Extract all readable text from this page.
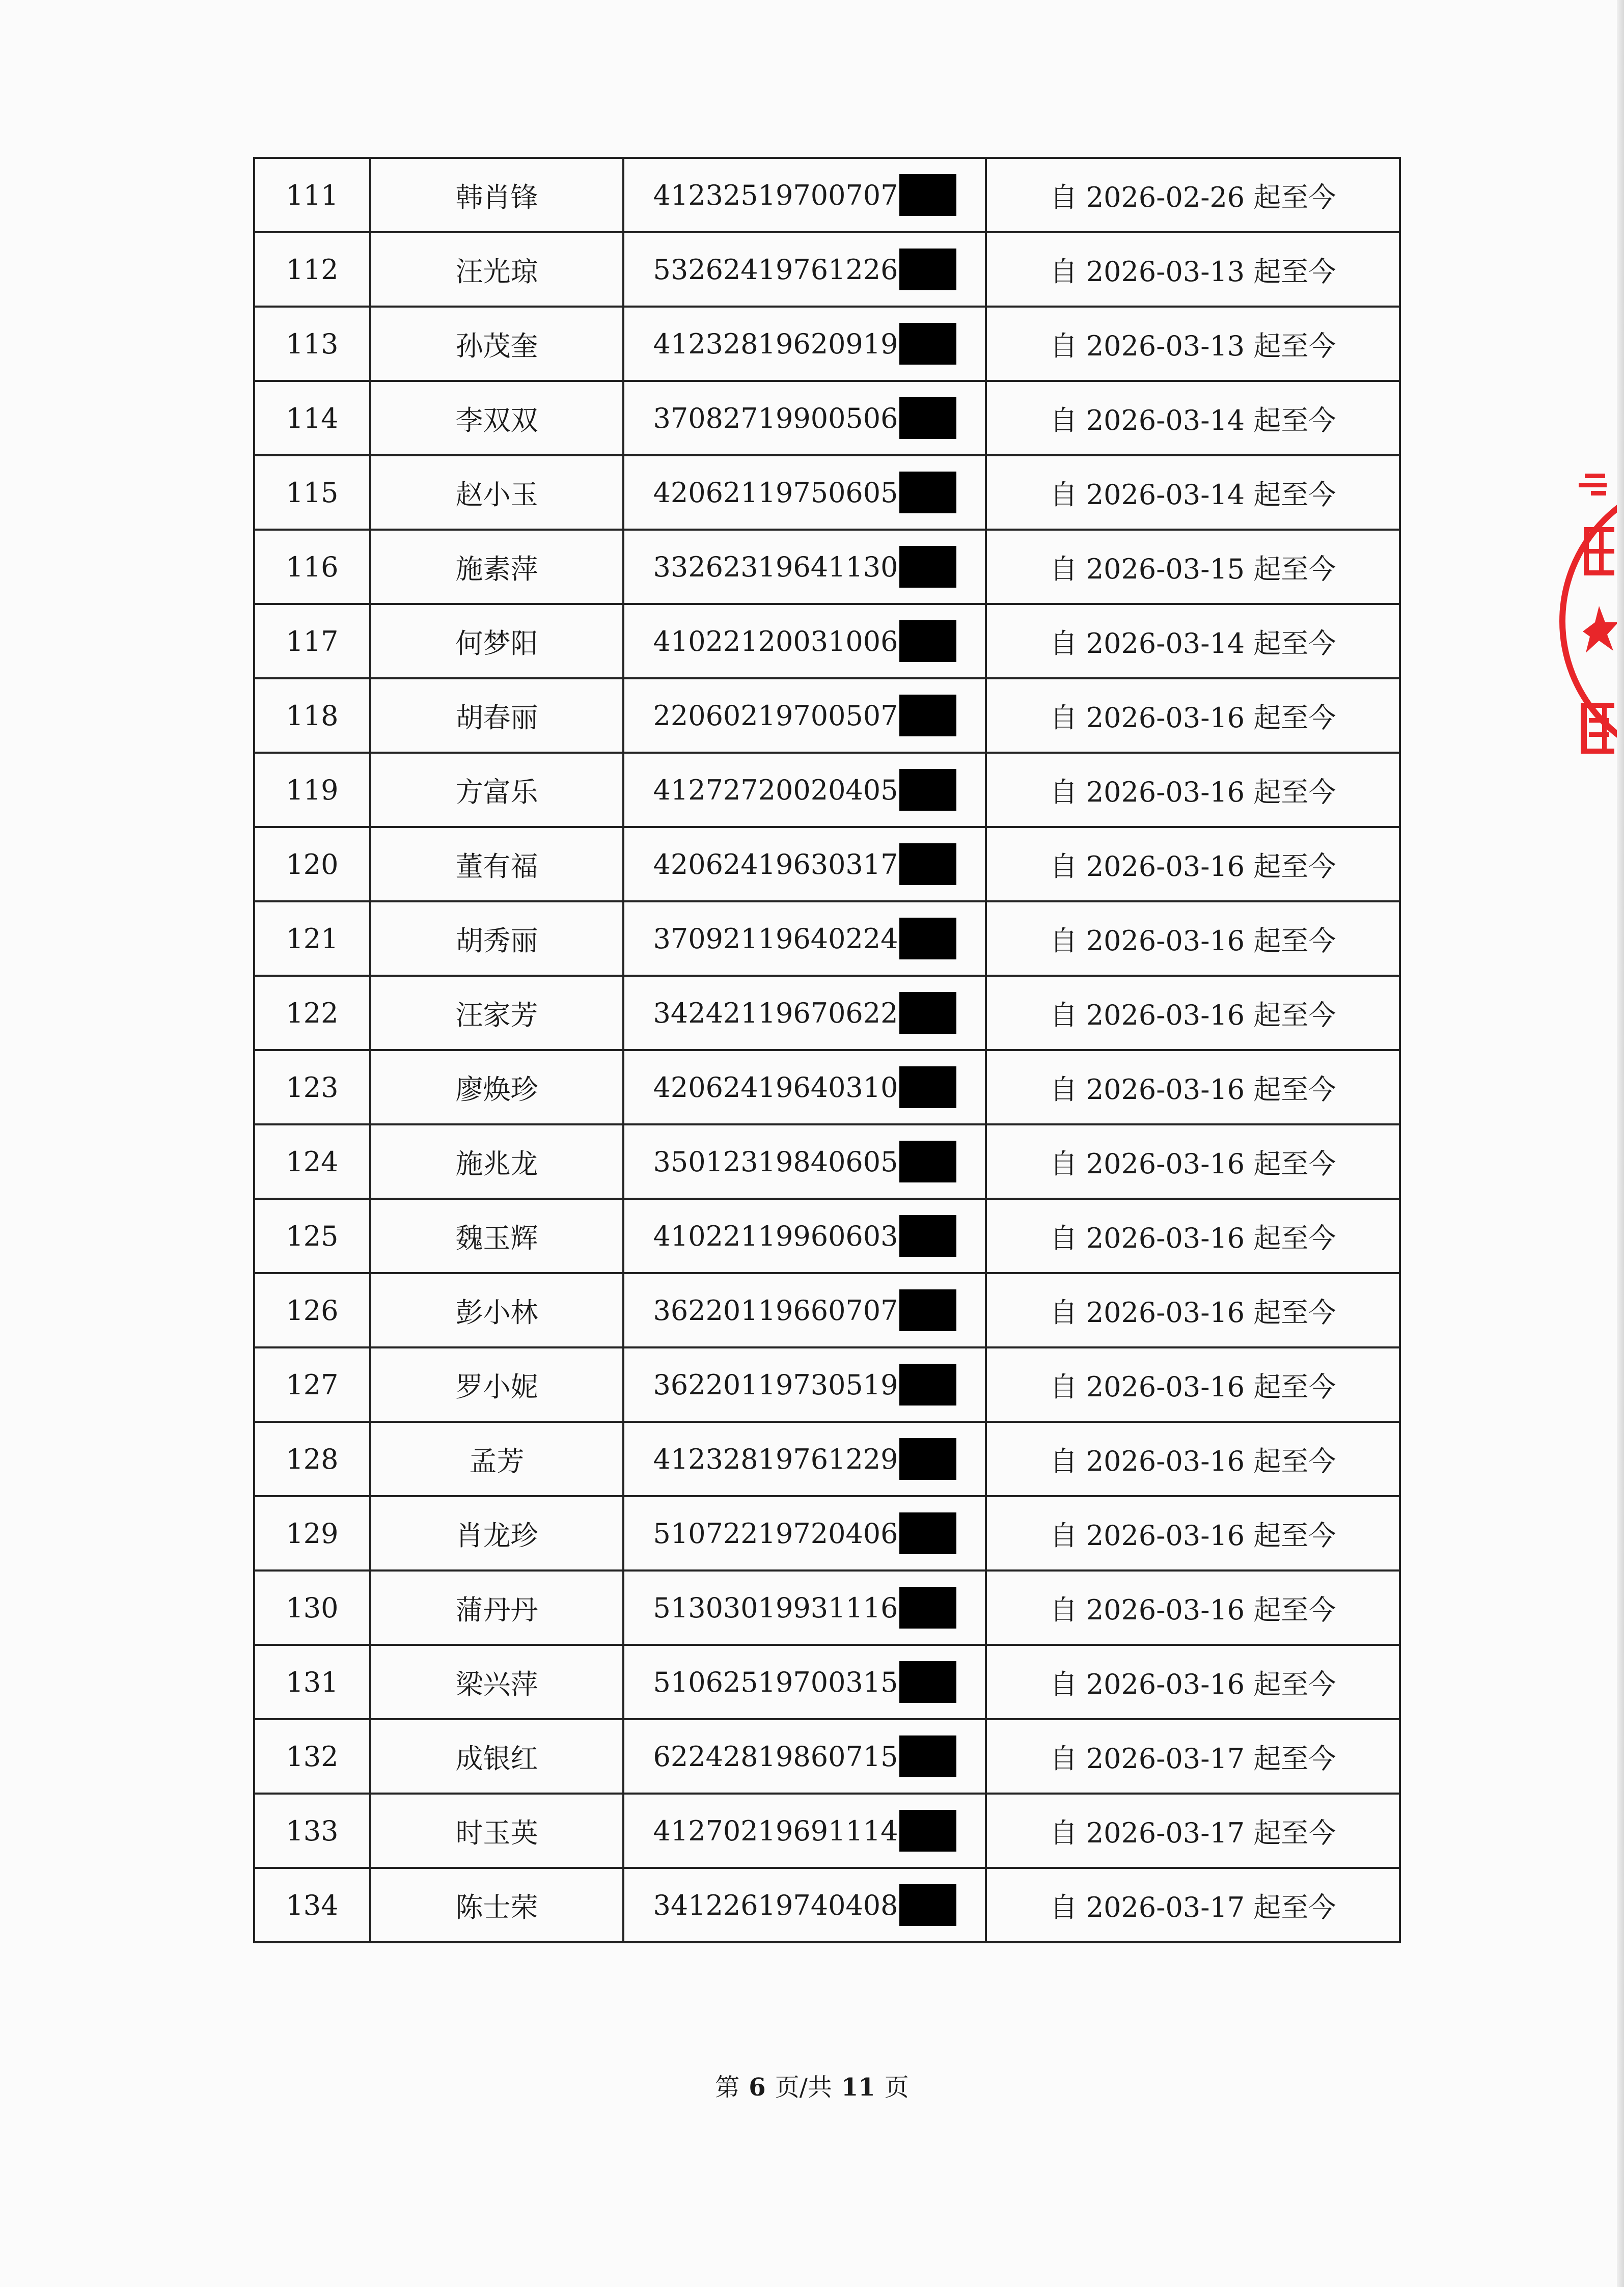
111	韩肖锋	41232519700707	自 2026-02-26 起至今
112	汪光琼	53262419761226	自 2026-03-13 起至今
113	孙茂奎	41232819620919	自 2026-03-13 起至今
114	李双双	37082719900506	自 2026-03-14 起至今
115	赵小玉	42062119750605	自 2026-03-14 起至今
116	施素萍	33262319641130	自 2026-03-15 起至今
117	何梦阳	41022120031006	自 2026-03-14 起至今
118	胡春丽	22060219700507	自 2026-03-16 起至今
119	方富乐	41272720020405	自 2026-03-16 起至今
120	董有福	42062419630317	自 2026-03-16 起至今
121	胡秀丽	37092119640224	自 2026-03-16 起至今
122	汪家芳	34242119670622	自 2026-03-16 起至今
123	廖焕珍	42062419640310	自 2026-03-16 起至今
124	施兆龙	35012319840605	自 2026-03-16 起至今
125	魏玉辉	41022119960603	自 2026-03-16 起至今
126	彭小林	36220119660707	自 2026-03-16 起至今
127	罗小妮	36220119730519	自 2026-03-16 起至今
128	孟芳	41232819761229	自 2026-03-16 起至今
129	肖龙珍	51072219720406	自 2026-03-16 起至今
130	蒲丹丹	51303019931116	自 2026-03-16 起至今
131	梁兴萍	51062519700315	自 2026-03-16 起至今
132	成银红	62242819860715	自 2026-03-17 起至今
133	时玉英	41270219691114	自 2026-03-17 起至今
134	陈士荣	34122619740408	自 2026-03-17 起至今
第 6 页/共 11 页
